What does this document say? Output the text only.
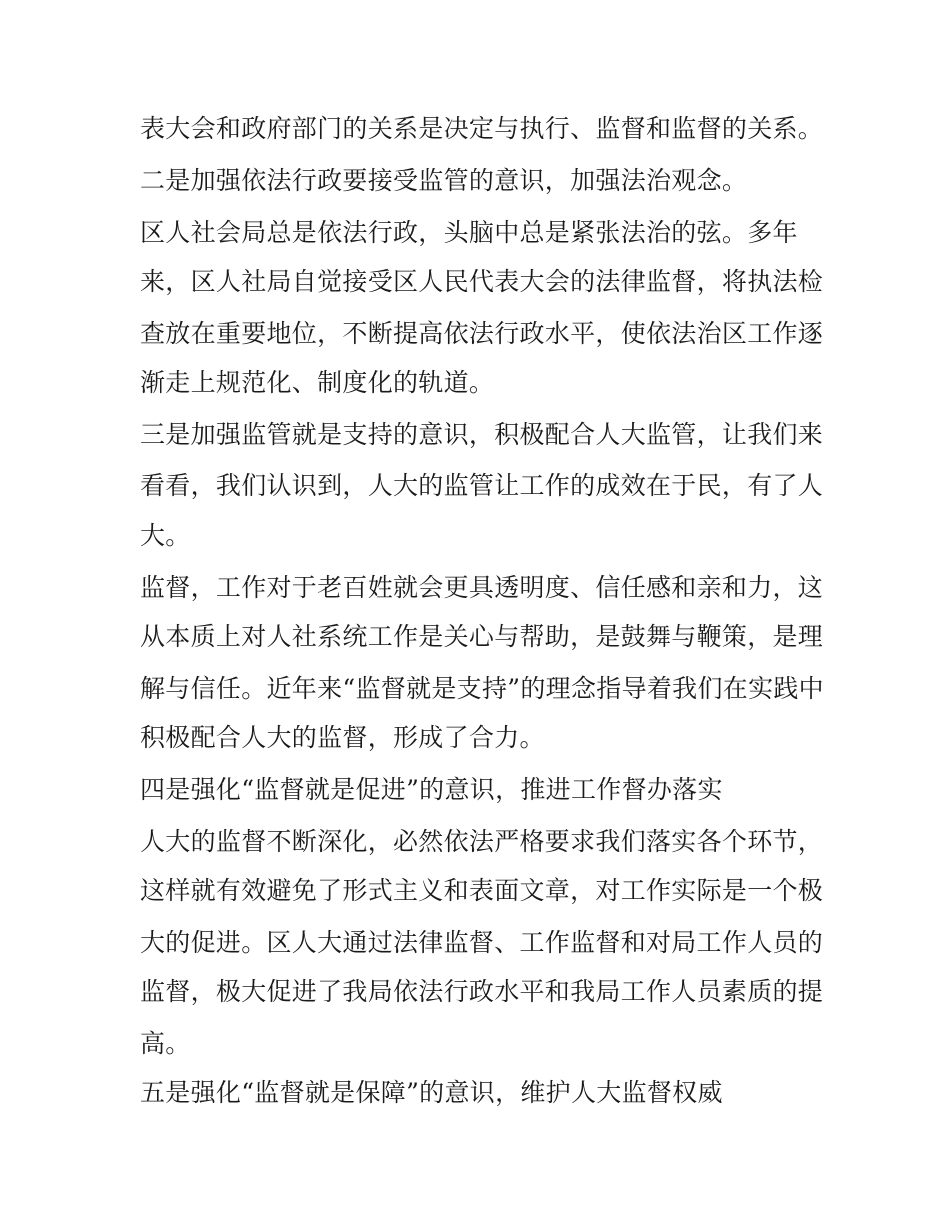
表大会和政府部门的关系是决定与执行、监督和监督的关系。

二是加强依法行政要接受监管的意识，加强法治观念。

区人社会局总是依法行政，头脑中总是紧张法治的弦。多年

来，区人社局自觉接受区人民代表大会的法律监督，将执法检

查放在重要地位，不断提高依法行政水平，使依法治区工作逐

渐走上规范化、制度化的轨道。

三是加强监管就是支持的意识，积极配合人大监管，让我们来

看看，我们认识到，人大的监管让工作的成效在于民，有了人

大。

监督，工作对于老百姓就会更具透明度、信任感和亲和力，这

从本质上对人社系统工作是关心与帮助，是鼓舞与鞭策，是理

解与信任。近年来“监督就是支持”的理念指导着我们在实践中

积极配合人大的监督，形成了合力。

四是强化“监督就是促进”的意识，推进工作督办落实

人大的监督不断深化，必然依法严格要求我们落实各个环节，

这样就有效避免了形式主义和表面文章，对工作实际是一个极

大的促进。区人大通过法律监督、工作监督和对局工作人员的

监督，极大促进了我局依法行政水平和我局工作人员素质的提

高。

五是强化“监督就是保障”的意识，维护人大监督权威
